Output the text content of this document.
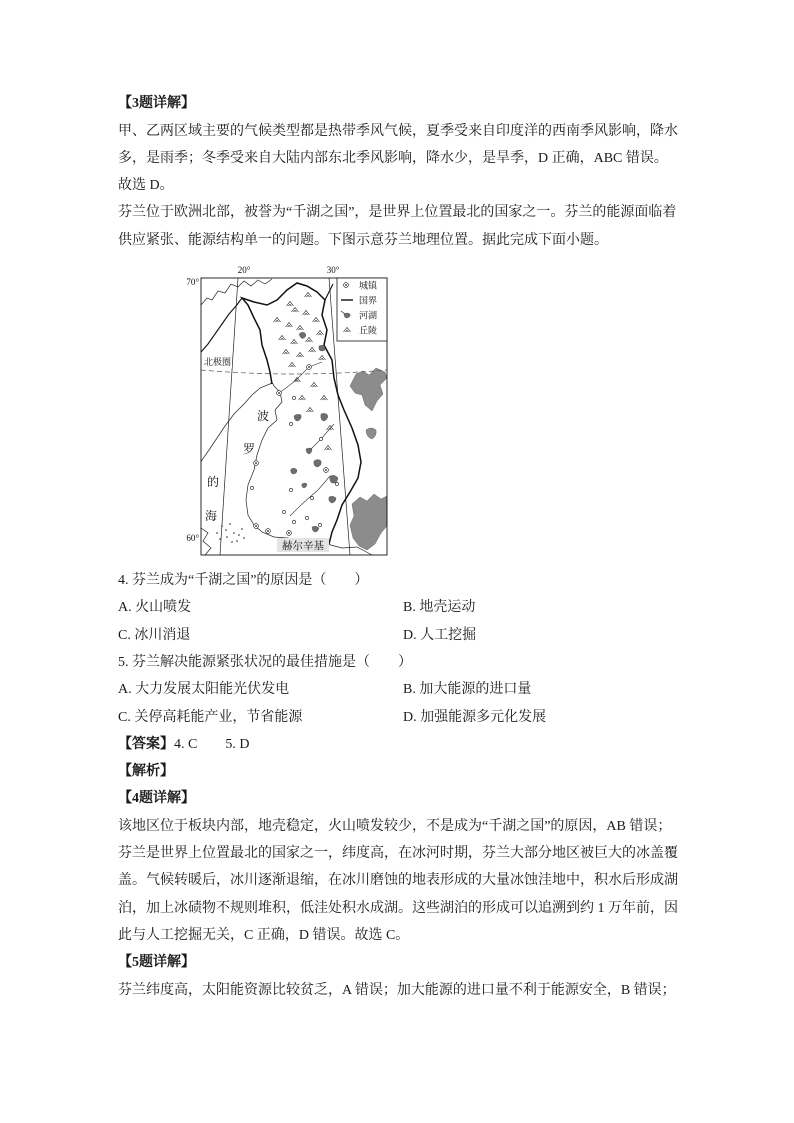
【3题详解】
甲、乙两区域主要的气候类型都是热带季风气候，夏季受来自印度洋的西南季风影响，降水
多，是雨季；冬季受来自大陆内部东北季风影响，降水少，是旱季，D 正确，ABC 错误。
故选 D。
芬兰位于欧洲北部，被誉为“千湖之国”，是世界上位置最北的国家之一。芬兰的能源面临着
供应紧张、能源结构单一的问题。下图示意芬兰地理位置。据此完成下面小题。
20°	30°
70°
60°
北极圈
波
罗
的
海
赫尔辛基
城镇
国界
河湖
丘陵
4. 芬兰成为“千湖之国”的原因是（　　）
A. 火山喷发	B. 地壳运动
C. 冰川消退	D. 人工挖掘
5. 芬兰解决能源紧张状况的最佳措施是（　　）
A. 大力发展太阳能光伏发电	B. 加大能源的进口量
C. 关停高耗能产业，节省能源	D. 加强能源多元化发展
【答案】4. C　　5. D
【解析】
【4题详解】
该地区位于板块内部，地壳稳定，火山喷发较少，不是成为“千湖之国”的原因，AB 错误；
芬兰是世界上位置最北的国家之一，纬度高，在冰河时期，芬兰大部分地区被巨大的冰盖覆
盖。气候转暖后，冰川逐渐退缩，在冰川磨蚀的地表形成的大量冰蚀洼地中，积水后形成湖
泊，加上冰碛物不规则堆积，低洼处积水成湖。这些湖泊的形成可以追溯到约 1 万年前，因
此与人工挖掘无关，C 正确，D 错误。故选 C。
【5题详解】
芬兰纬度高，太阳能资源比较贫乏，A 错误；加大能源的进口量不利于能源安全，B 错误；
